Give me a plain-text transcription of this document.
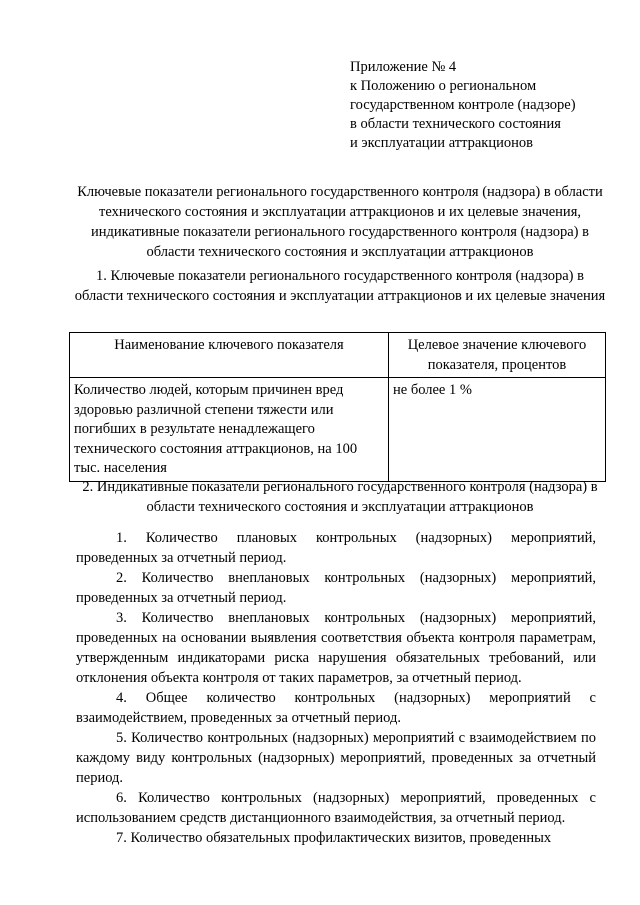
Приложение № 4
к Положению о региональном
государственном контроле (надзоре)
в области технического состояния
и эксплуатации аттракционов
Ключевые показатели регионального государственного контроля (надзора) в области технического состояния и эксплуатации аттракционов и их целевые значения, индикативные показатели регионального государственного контроля (надзора) в области технического состояния и эксплуатации аттракционов
1. Ключевые показатели регионального государственного контроля (надзора) в области технического состояния и эксплуатации аттракционов и их целевые значения
Наименование ключевого показателя	Целевое значение ключевого показателя, процентов
Количество людей, которым причинен вред здоровью различной степени тяжести или погибших в результате ненадлежащего технического состояния аттракционов, на 100 тыс. населения	не более 1 %
2. Индикативные показатели регионального государственного контроля (надзора) в области технического состояния и эксплуатации аттракционов

1. Количество плановых контрольных (надзорных) мероприятий, проведенных за отчетный период.

2. Количество внеплановых контрольных (надзорных) мероприятий, проведенных за отчетный период.

3. Количество внеплановых контрольных (надзорных) мероприятий, проведенных на основании выявления соответствия объекта контроля параметрам, утвержденным индикаторами риска нарушения обязательных требований, или отклонения объекта контроля от таких параметров, за отчетный период.

4. Общее количество контрольных (надзорных) мероприятий с взаимодействием, проведенных за отчетный период.

5. Количество контрольных (надзорных) мероприятий с взаимодействием по каждому виду контрольных (надзорных) мероприятий, проведенных за отчетный период.

6. Количество контрольных (надзорных) мероприятий, проведенных с использованием средств дистанционного взаимодействия, за отчетный период.

7. Количество обязательных профилактических визитов, проведенных
